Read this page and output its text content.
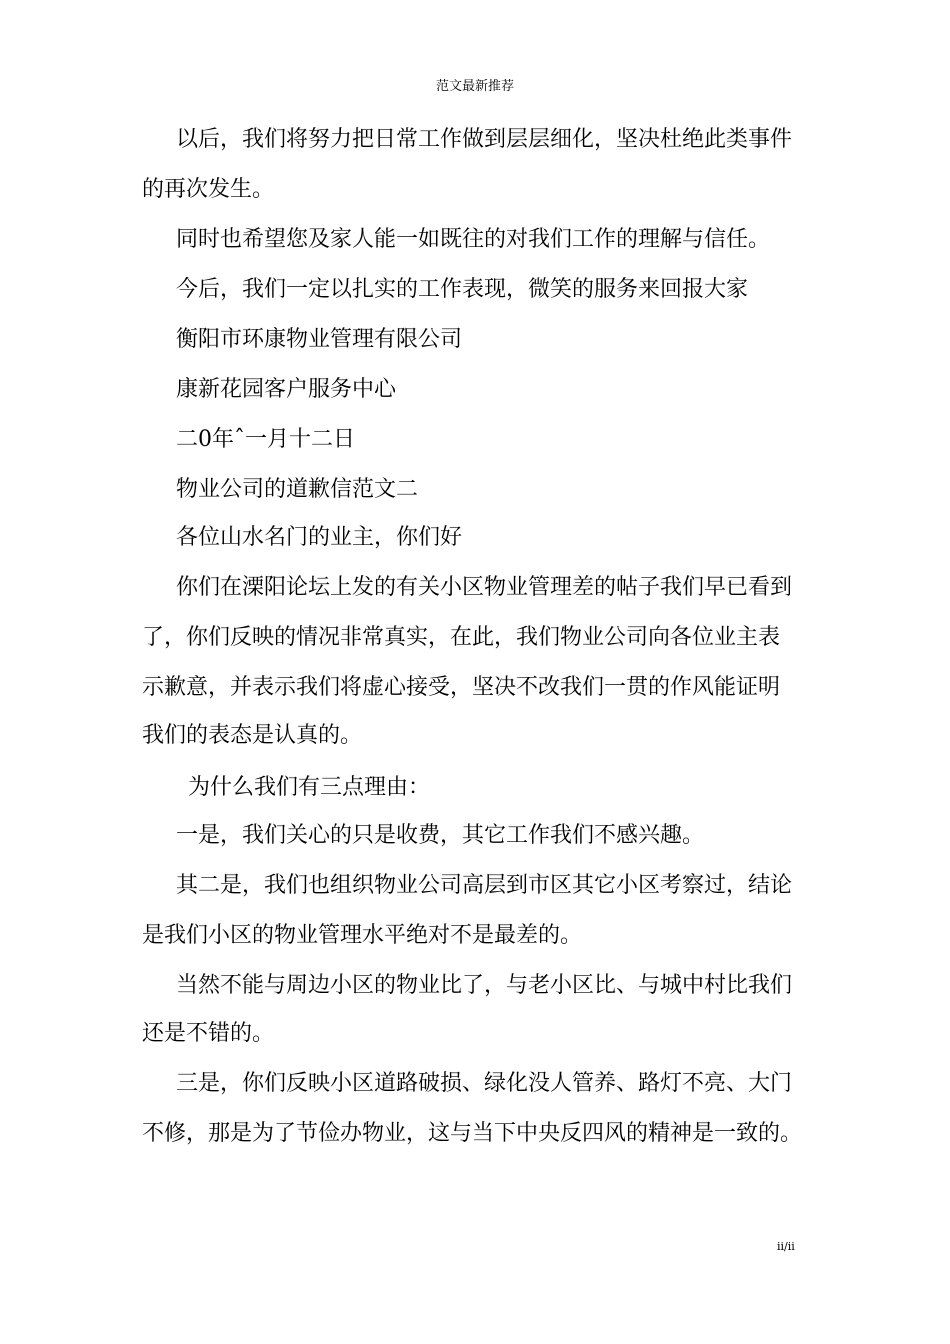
范文最新推荐
以后，我们将努力把日常工作做到层层细化，坚决杜绝此类事件
的再次发生。
同时也希望您及家人能一如既往的对我们工作的理解与信任。
今后，我们一定以扎实的工作表现，微笑的服务来回报大家
衡阳市环康物业管理有限公司
康新花园客户服务中心
二0年ˆ一月十二日
物业公司的道歉信范文二
各位山水名门的业主，你们好
你们在溧阳论坛上发的有关小区物业管理差的帖子我们早已看到
了，你们反映的情况非常真实，在此，我们物业公司向各位业主表
示歉意，并表示我们将虚心接受，坚决不改我们一贯的作风能证明
我们的表态是认真的。
为什么我们有三点理由：
一是，我们关心的只是收费，其它工作我们不感兴趣。
其二是，我们也组织物业公司高层到市区其它小区考察过，结论
是我们小区的物业管理水平绝对不是最差的。
当然不能与周边小区的物业比了，与老小区比、与城中村比我们
还是不错的。
三是，你们反映小区道路破损、绿化没人管养、路灯不亮、大门
不修，那是为了节俭办物业，这与当下中央反四风的精神是一致的。
ii/ii
